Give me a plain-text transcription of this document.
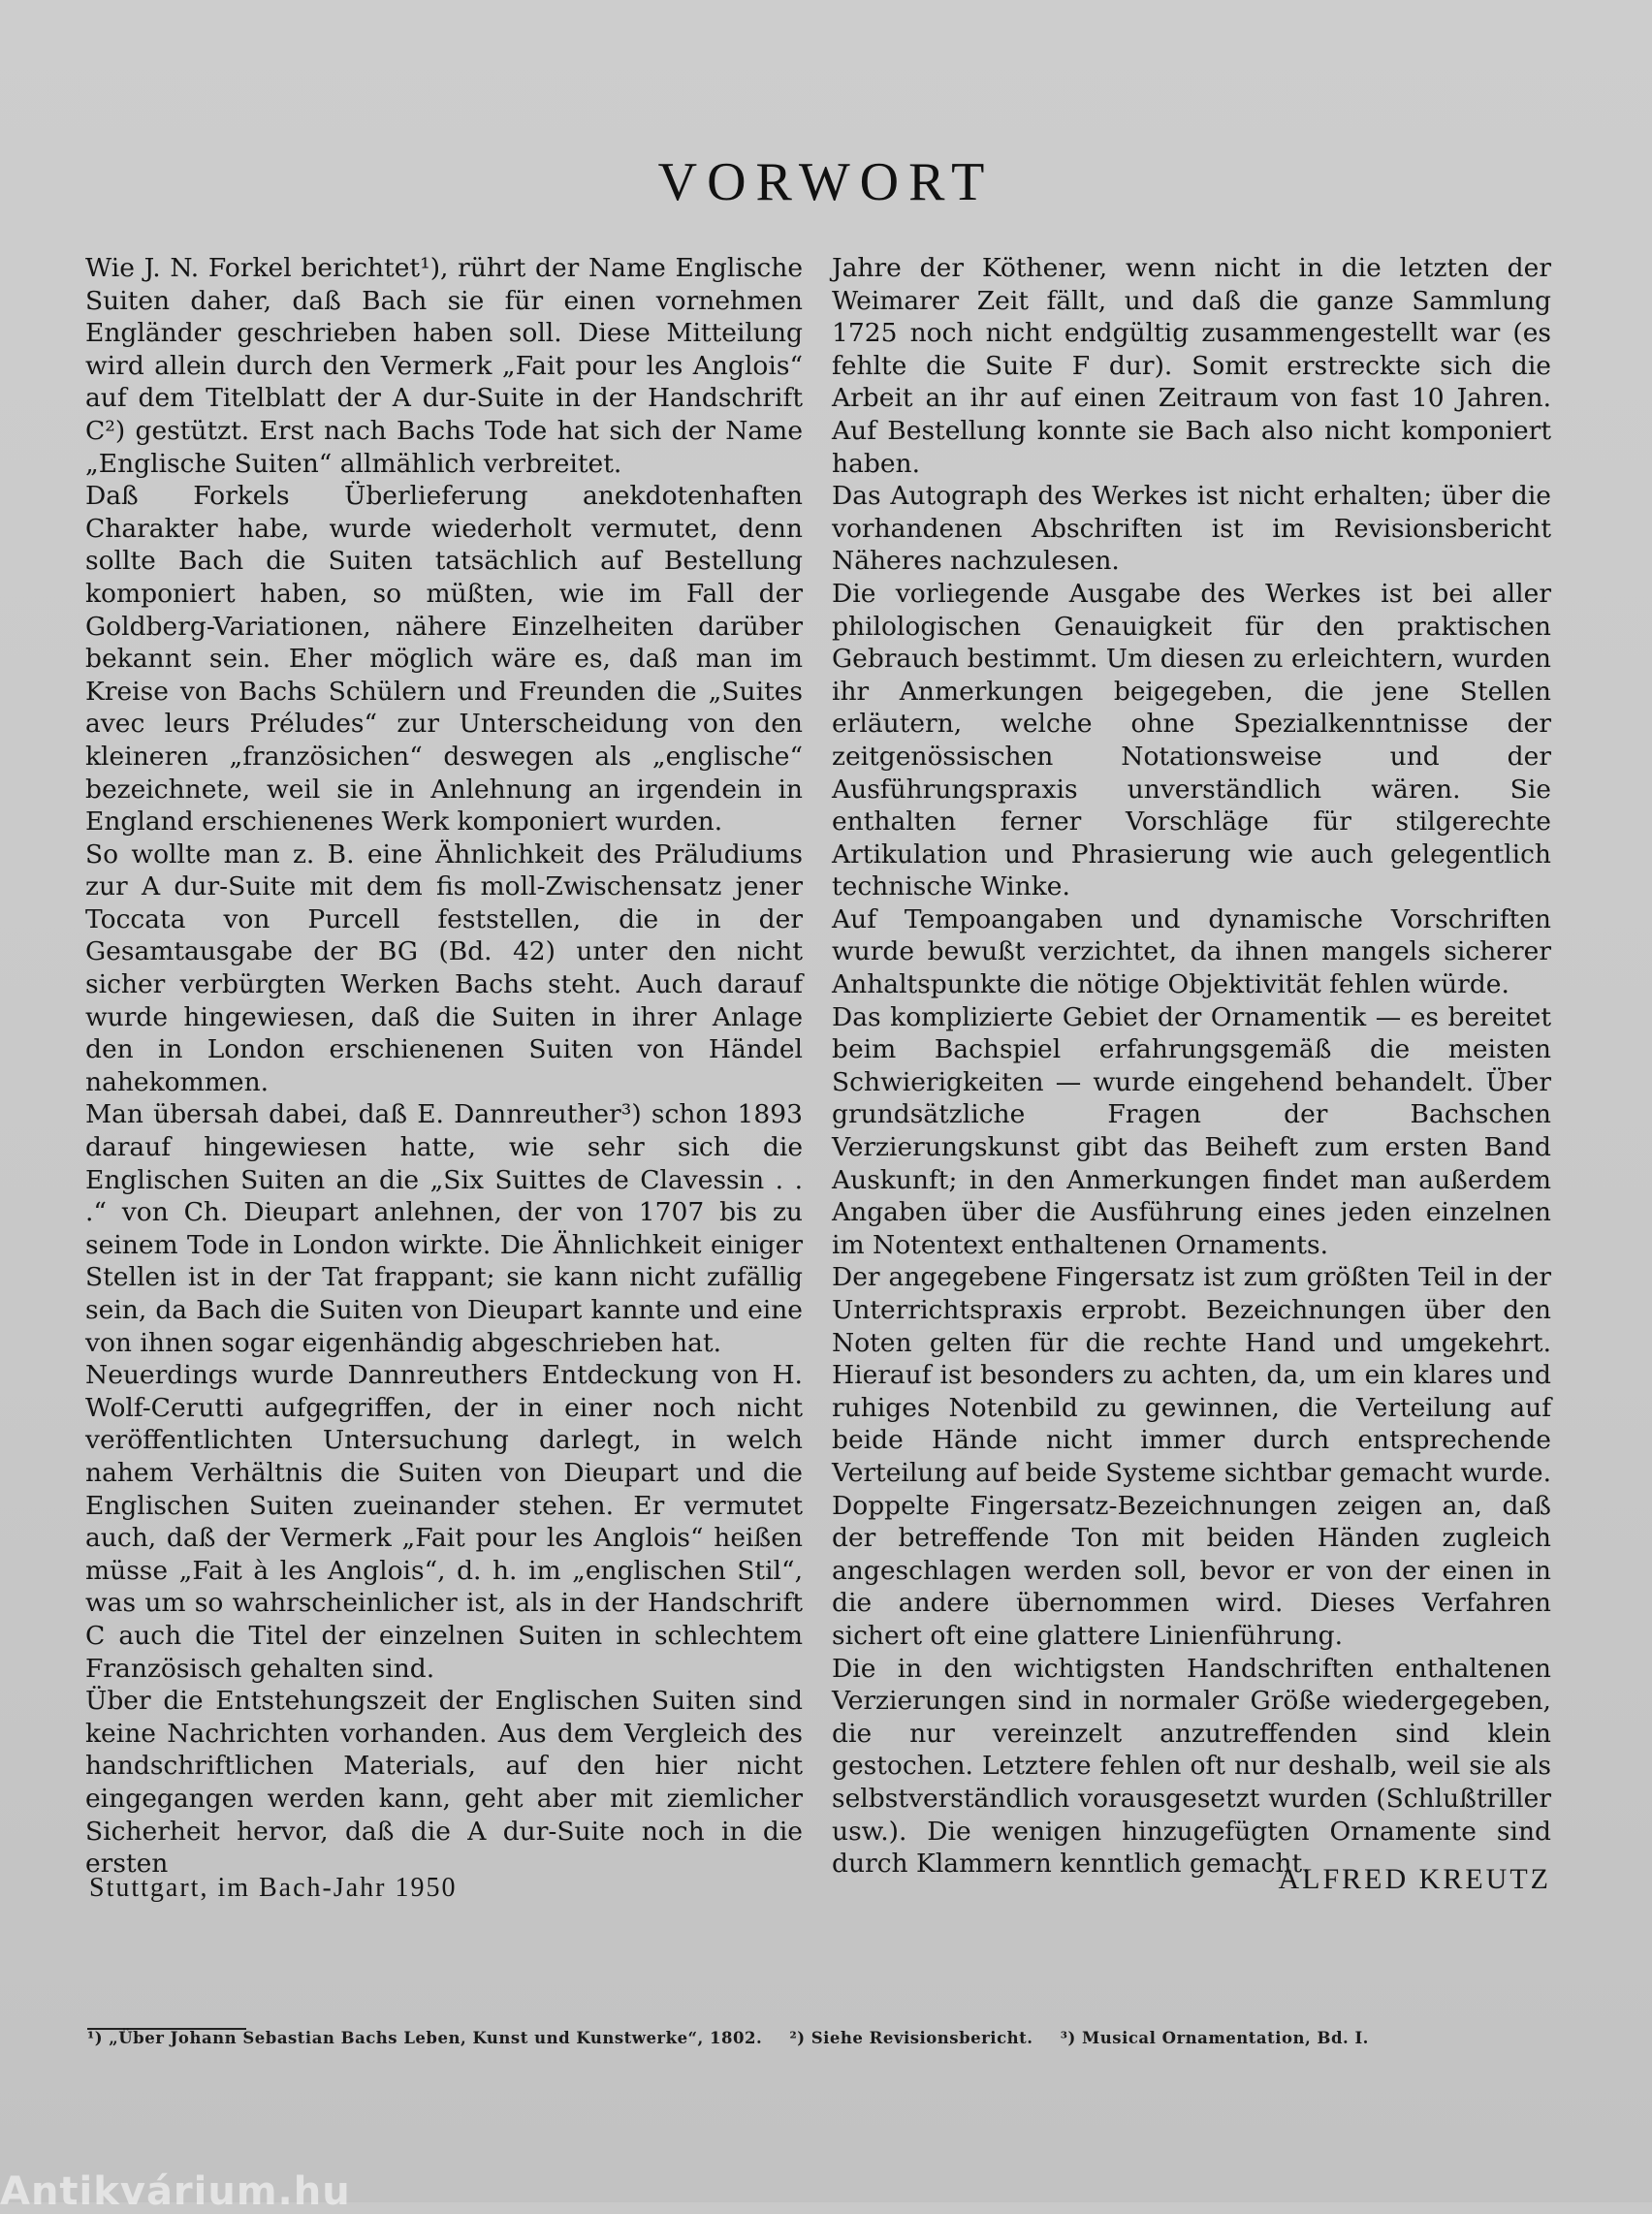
VORWORT

Wie J. N. Forkel berichtet¹), rührt der Name Englische Suiten daher, daß Bach sie für einen vornehmen Engländer geschrieben haben soll. Diese Mitteilung wird allein durch den Vermerk „Fait pour les Anglois“ auf dem Titelblatt der A dur-Suite in der Handschrift C²) gestützt. Erst nach Bachs Tode hat sich der Name „Englische Suiten“ allmählich verbreitet.

Daß Forkels Überlieferung anekdotenhaften Charakter habe, wurde wiederholt vermutet, denn sollte Bach die Suiten tatsächlich auf Bestellung komponiert haben, so müßten, wie im Fall der Goldberg-Variationen, nähere Einzelheiten darüber bekannt sein. Eher möglich wäre es, daß man im Kreise von Bachs Schülern und Freunden die „Suites avec leurs Préludes“ zur Unterscheidung von den kleineren „französichen“ deswegen als „englische“ bezeichnete, weil sie in Anlehnung an irgendein in England erschienenes Werk komponiert wurden.

So wollte man z. B. eine Ähnlichkeit des Präludiums zur A dur-Suite mit dem fis moll-Zwischensatz jener Toccata von Purcell feststellen, die in der Gesamtausgabe der BG (Bd. 42) unter den nicht sicher verbürgten Werken Bachs steht. Auch darauf wurde hingewiesen, daß die Suiten in ihrer Anlage den in London erschienenen Suiten von Händel nahekommen.

Man übersah dabei, daß E. Dannreuther³) schon 1893 darauf hingewiesen hatte, wie sehr sich die Englischen Suiten an die „Six Suittes de Clavessin . . .“ von Ch. Dieupart anlehnen, der von 1707 bis zu seinem Tode in London wirkte. Die Ähnlichkeit einiger Stellen ist in der Tat frappant; sie kann nicht zufällig sein, da Bach die Suiten von Dieupart kannte und eine von ihnen sogar eigenhändig abgeschrieben hat.

Neuerdings wurde Dannreuthers Entdeckung von H. Wolf-Cerutti aufgegriffen, der in einer noch nicht veröffentlichten Untersuchung darlegt, in welch nahem Verhältnis die Suiten von Dieupart und die Englischen Suiten zueinander stehen. Er vermutet auch, daß der Vermerk „Fait pour les Anglois“ heißen müsse „Fait à les Anglois“, d. h. im „englischen Stil“, was um so wahrscheinlicher ist, als in der Handschrift C auch die Titel der einzelnen Suiten in schlechtem Französisch gehalten sind.

Über die Entstehungszeit der Englischen Suiten sind keine Nachrichten vorhanden. Aus dem Vergleich des handschriftlichen Materials, auf den hier nicht eingegangen werden kann, geht aber mit ziemlicher Sicherheit hervor, daß die A dur-Suite noch in die ersten

Jahre der Köthener, wenn nicht in die letzten der Weimarer Zeit fällt, und daß die ganze Sammlung 1725 noch nicht endgültig zusammengestellt war (es fehlte die Suite F dur). Somit erstreckte sich die Arbeit an ihr auf einen Zeitraum von fast 10 Jahren. Auf Bestellung konnte sie Bach also nicht komponiert haben.

Das Autograph des Werkes ist nicht erhalten; über die vorhandenen Abschriften ist im Revisionsbericht Näheres nachzulesen.

Die vorliegende Ausgabe des Werkes ist bei aller philologischen Genauigkeit für den praktischen Gebrauch bestimmt. Um diesen zu erleichtern, wurden ihr Anmerkungen beigegeben, die jene Stellen erläutern, welche ohne Spezialkenntnisse der zeitgenössischen Notationsweise und der Ausführungspraxis unverständlich wären. Sie enthalten ferner Vorschläge für stilgerechte Artikulation und Phrasierung wie auch gelegentlich technische Winke.

Auf Tempoangaben und dynamische Vorschriften wurde bewußt verzichtet, da ihnen mangels sicherer Anhaltspunkte die nötige Objektivität fehlen würde.

Das komplizierte Gebiet der Ornamentik — es bereitet beim Bachspiel erfahrungsgemäß die meisten Schwierigkeiten — wurde eingehend behandelt. Über grundsätzliche Fragen der Bachschen Verzierungskunst gibt das Beiheft zum ersten Band Auskunft; in den Anmerkungen findet man außerdem Angaben über die Ausführung eines jeden einzelnen im Notentext enthaltenen Ornaments.

Der angegebene Fingersatz ist zum größten Teil in der Unterrichtspraxis erprobt. Bezeichnungen über den Noten gelten für die rechte Hand und umgekehrt. Hierauf ist besonders zu achten, da, um ein klares und ruhiges Notenbild zu gewinnen, die Verteilung auf beide Hände nicht immer durch entsprechende Verteilung auf beide Systeme sichtbar gemacht wurde. Doppelte Fingersatz-Bezeichnungen zeigen an, daß der betreffende Ton mit beiden Händen zugleich angeschlagen werden soll, bevor er von der einen in die andere übernommen wird. Dieses Verfahren sichert oft eine glattere Linienführung.

Die in den wichtigsten Handschriften enthaltenen Verzierungen sind in normaler Größe wiedergegeben, die nur vereinzelt anzutreffenden sind klein gestochen. Letztere fehlen oft nur deshalb, weil sie als selbstverständlich vorausgesetzt wurden (Schlußtriller usw.). Die wenigen hinzugefügten Ornamente sind durch Klammern kenntlich gemacht.

Stuttgart, im Bach-Jahr 1950	ALFRED KREUTZ
¹) „Über Johann Sebastian Bachs Leben, Kunst und Kunstwerke“, 1802. ²) Siehe Revisionsbericht. ³) Musical Ornamentation, Bd. I.
Antikvárium.hu
